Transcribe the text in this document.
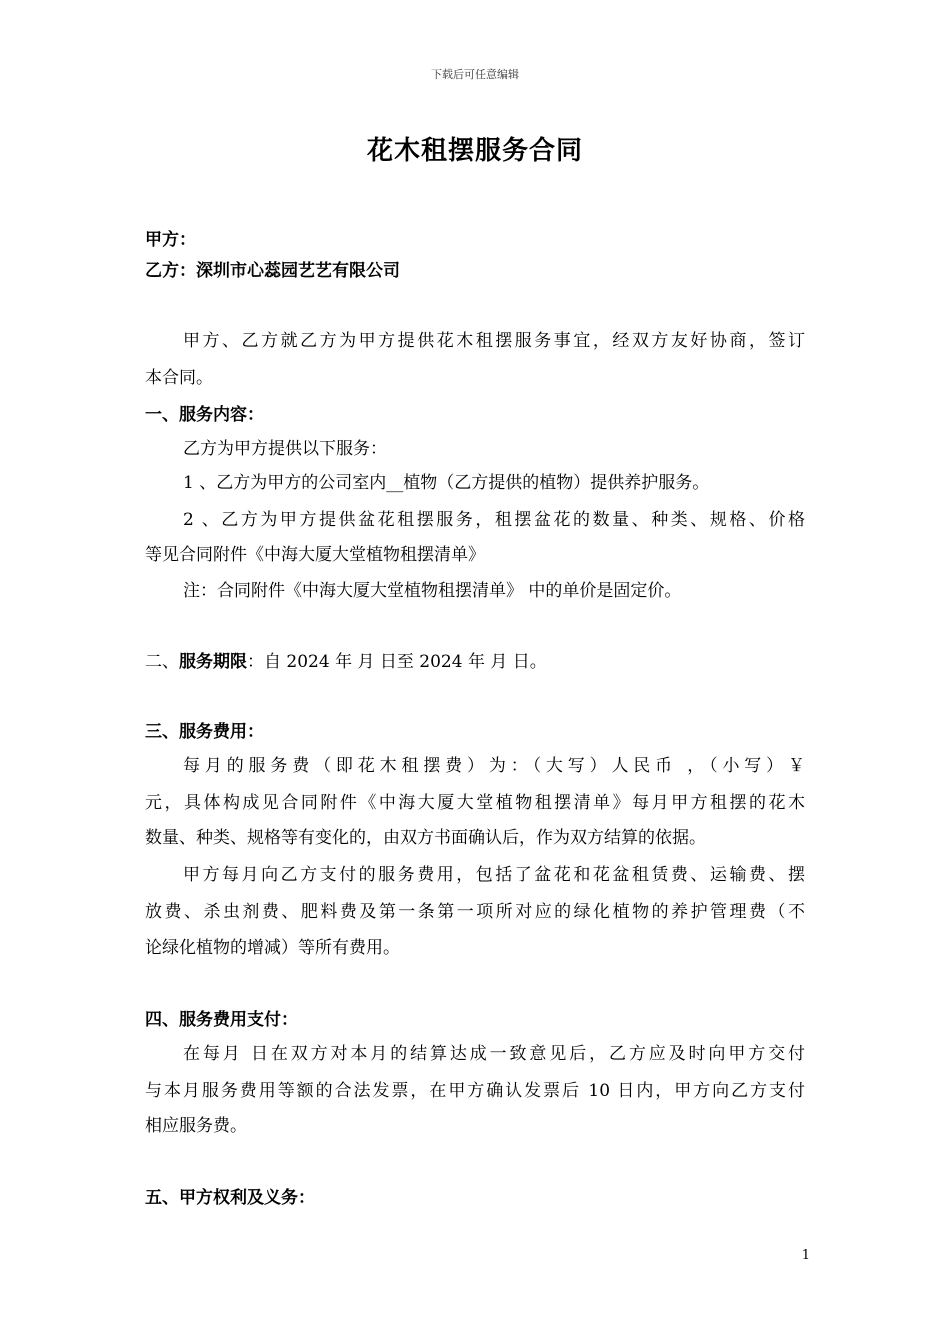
下载后可任意编辑
花木租摆服务合同
甲方：
乙方：深圳市心蕊园艺艺有限公司
甲方、乙方就乙方为甲方提供花木租摆服务事宜，经双方友好协商，签订
本合同。
一、服务内容：
乙方为甲方提供以下服务：
1 、乙方为甲方的公司室内__植物（乙方提供的植物）提供养护服务。
2 、乙方为甲方提供盆花租摆服务，租摆盆花的数量、种类、规格、价格
等见合同附件《中海大厦大堂植物租摆清单》
注：合同附件《中海大厦大堂植物租摆清单》 中的单价是固定价。
二、服务期限：自 2024 年 月 日至 2024 年 月 日。
三、服务费用：
每月的服务费（即花木租摆费）为：（大写）人民币 ，（小写）￥
元，具体构成见合同附件《中海大厦大堂植物租摆清单》每月甲方租摆的花木
数量、种类、规格等有变化的，由双方书面确认后，作为双方结算的依据。
甲方每月向乙方支付的服务费用，包括了盆花和花盆租赁费、运输费、摆
放费、杀虫剂费、肥料费及第一条第一项所对应的绿化植物的养护管理费（不
论绿化植物的增减）等所有费用。
四、服务费用支付：
在每月 日在双方对本月的结算达成一致意见后，乙方应及时向甲方交付
与本月服务费用等额的合法发票，在甲方确认发票后 10 日内，甲方向乙方支付
相应服务费。
五、甲方权利及义务：
1
